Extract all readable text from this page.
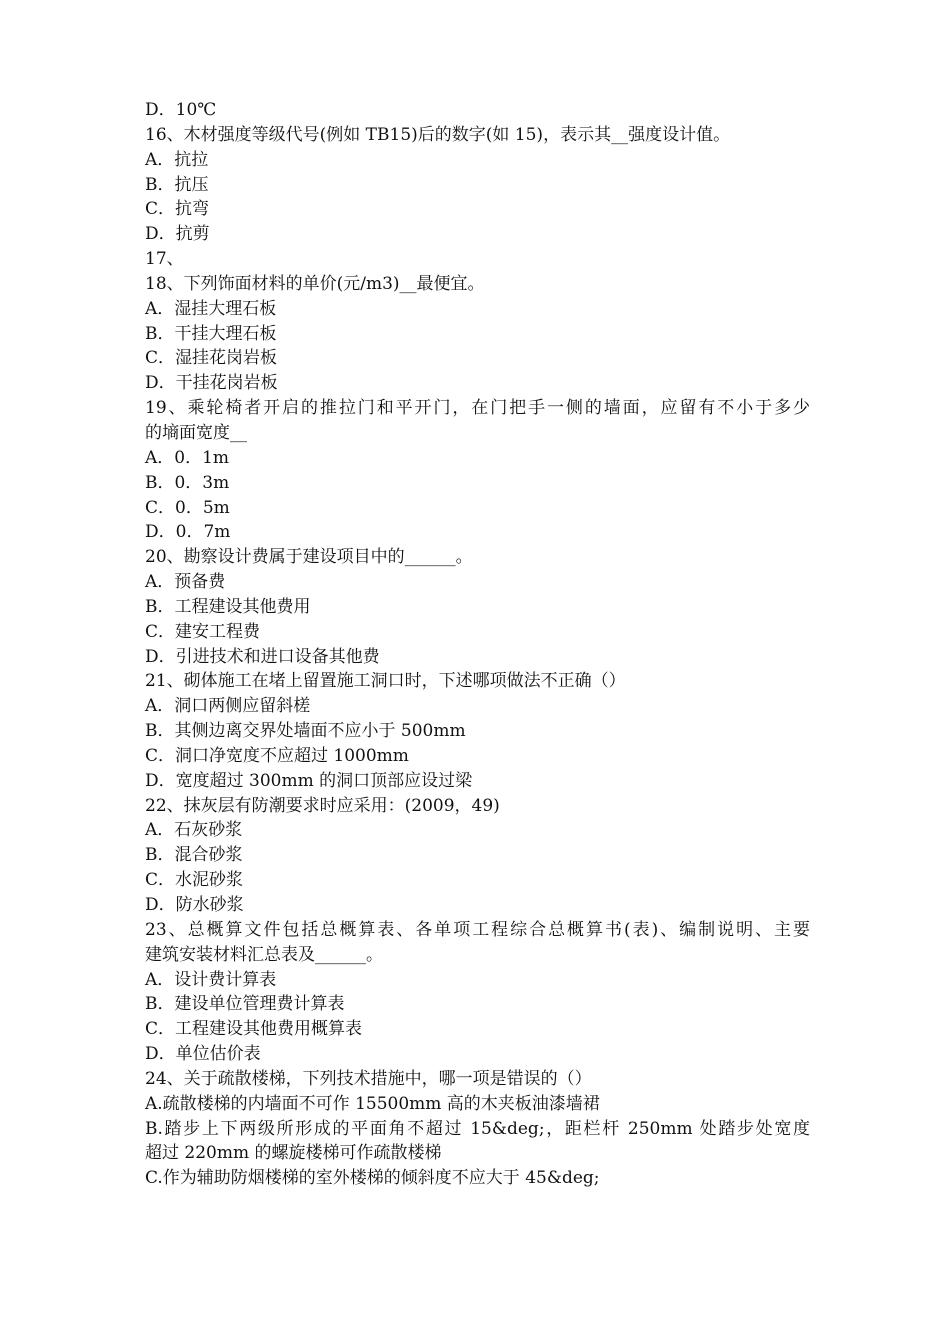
D．10℃
16、木材强度等级代号(例如 TB15)后的数字(如 15)，表示其__强度设计值。
A．抗拉
B．抗压
C．抗弯
D．抗剪
17、
18、下列饰面材料的单价(元/m3)__最便宜。
A．湿挂大理石板
B．干挂大理石板
C．湿挂花岗岩板
D．干挂花岗岩板
19、乘轮椅者开启的推拉门和平开门，在门把手一侧的墙面，应留有不小于多少
的墒面宽度__
A．0．1m
B．0．3m
C．0．5m
D．0．7m
20、勘察设计费属于建设项目中的______。
A．预备费
B．工程建设其他费用
C．建安工程费
D．引进技术和进口设备其他费
21、砌体施工在堵上留置施工洞口时，下述哪项做法不正确（）
A．洞口两侧应留斜槎
B．其侧边离交界处墙面不应小于 500mm
C．洞口净宽度不应超过 1000mm
D．宽度超过 300mm 的洞口顶部应设过梁
22、抹灰层有防潮要求时应采用：(2009，49)
A．石灰砂浆
B．混合砂浆
C．水泥砂浆
D．防水砂浆
23、总概算文件包括总概算表、各单项工程综合总概算书(表)、编制说明、主要
建筑安装材料汇总表及______。
A．设计费计算表
B．建设单位管理费计算表
C．工程建设其他费用概算表
D．单位估价表
24、关于疏散楼梯，下列技术措施中，哪一项是错误的（）
A.疏散楼梯的内墙面不可作 15500mm 高的木夹板油漆墙裙
B.踏步上下两级所形成的平面角不超过 15&deg;，距栏杆 250mm 处踏步处宽度
超过 220mm 的螺旋楼梯可作疏散楼梯
C.作为辅助防烟楼梯的室外楼梯的倾斜度不应大于 45&deg;
